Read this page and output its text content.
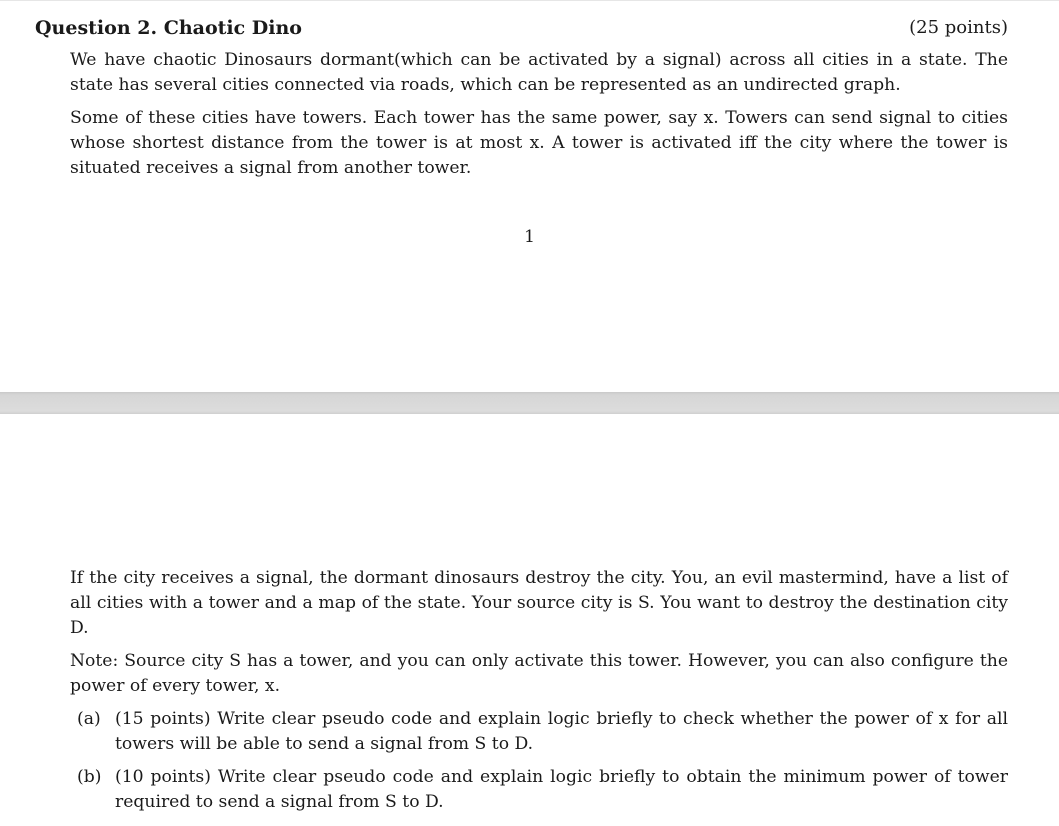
Question 2. Chaotic Dino	(25 points)

We have chaotic Dinosaurs dormant(which can be activated by a signal) across all cities in a state. The state has several cities connected via roads, which can be represented as an undirected graph.

Some of these cities have towers. Each tower has the same power, say x. Towers can send signal to cities whose shortest distance from the tower is at most x. A tower is activated iff the city where the tower is situated receives a signal from another tower.

1

If the city receives a signal, the dormant dinosaurs destroy the city. You, an evil mastermind, have a list of all cities with a tower and a map of the state. Your source city is S. You want to destroy the destination city D.

Note: Source city S has a tower, and you can only activate this tower. However, you can also configure the power of every tower, x.

(a) (15 points) Write clear pseudo code and explain logic briefly to check whether the power of x for all towers will be able to send a signal from S to D.
(b) (10 points) Write clear pseudo code and explain logic briefly to obtain the minimum power of tower required to send a signal from S to D.
